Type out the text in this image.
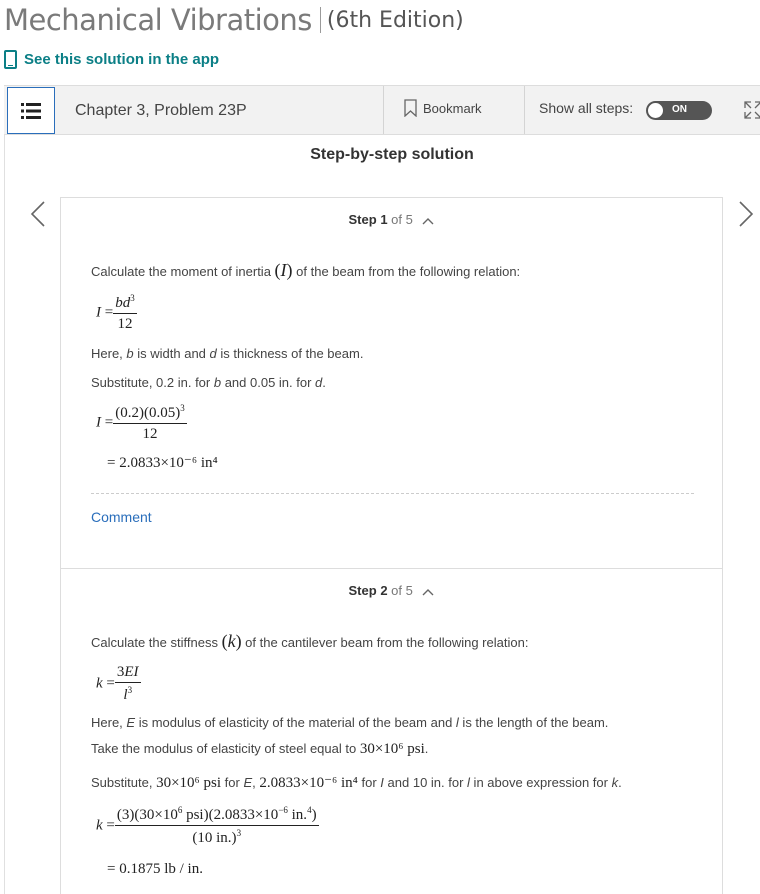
Mechanical Vibrations (6th Edition)
See this solution in the app
Chapter 3, Problem 23P	Bookmark	Show all steps:	ON
Step-by-step solution
Step 1 of 5
Calculate the moment of inertia (I) of the beam from the following relation:
$I = \frac{bd^3}{12}$
Here, b is width and d is thickness of the beam.
Substitute, 0.2 in. for b and 0.05 in. for d.
$I = \frac{(0.2)(0.05)^3}{12}$
= 2.0833×10⁻⁶ in⁴
Comment
Step 2 of 5
Calculate the stiffness (k) of the cantilever beam from the following relation:
$k = \frac{3EI}{l^3}$
Here, E is modulus of elasticity of the material of the beam and l is the length of the beam.
Take the modulus of elasticity of steel equal to 30×10⁶ psi.
Substitute, 30×10⁶ psi for E, 2.0833×10⁻⁶ in⁴ for I and 10 in. for l in above expression for k.
$k = \frac{(3)(30\times 10^6 psi)(2.0833\times 10^{-6} in.^4)}{(10 in.)^3}$
= 0.1875 lb / in.
